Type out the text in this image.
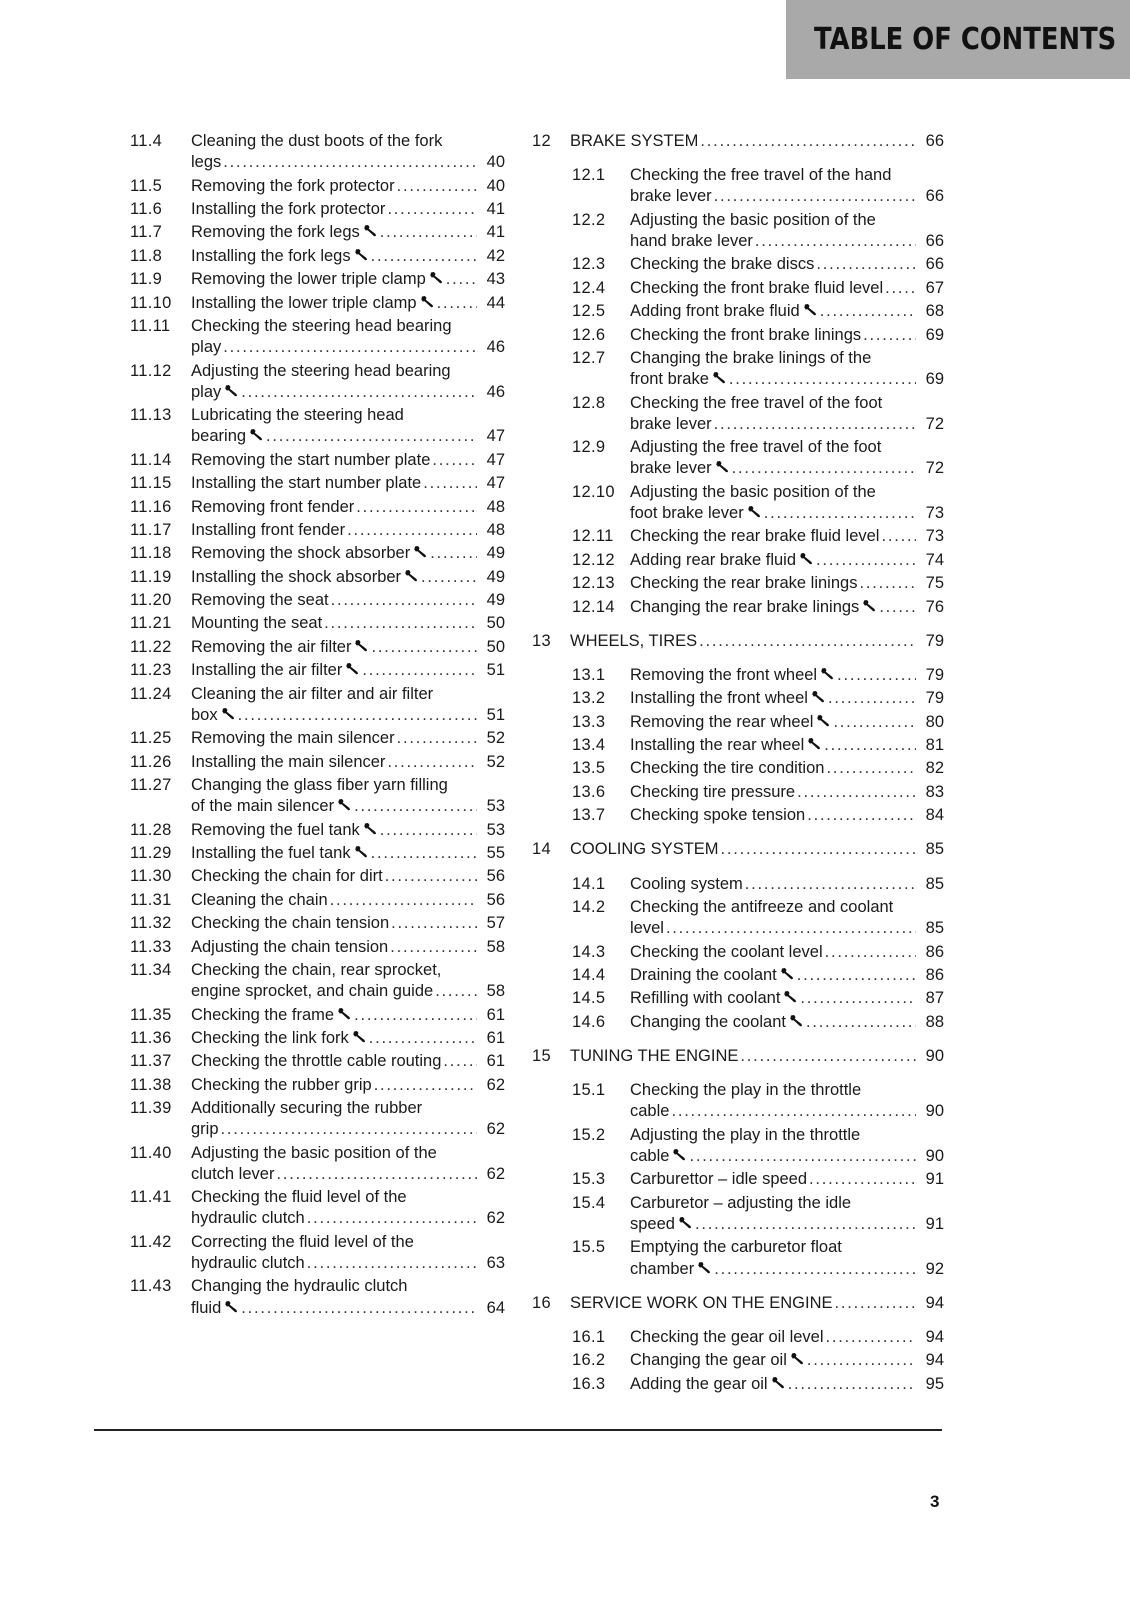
TABLE OF CONTENTS
11.4 Cleaning the dust boots of the fork
legs . . .	40
11.5 Removing the fork protector . . .	40
11.6 Installing the fork protector . . .	41
11.7 Removing the fork legs . . .	41
11.8 Installing the fork legs . . .	42
11.9 Removing the lower triple clamp . . .	43
11.10 Installing the lower triple clamp . . .	44
11.11 Checking the steering head bearing
play . . .	46
11.12 Adjusting the steering head bearing
play . . .	46
11.13 Lubricating the steering head
bearing . . .	47
11.14 Removing the start number plate . . .	47
11.15 Installing the start number plate . . .	47
11.16 Removing front fender . . .	48
11.17 Installing front fender . . .	48
11.18 Removing the shock absorber . . .	49
11.19 Installing the shock absorber . . .	49
11.20 Removing the seat . . .	49
11.21 Mounting the seat . . .	50
11.22 Removing the air filter . . .	50
11.23 Installing the air filter . . .	51
11.24 Cleaning the air filter and air filter
box . . .	51
11.25 Removing the main silencer . . .	52
11.26 Installing the main silencer . . .	52
11.27 Changing the glass fiber yarn filling
of the main silencer . . .	53
11.28 Removing the fuel tank . . .	53
11.29 Installing the fuel tank . . .	55
11.30 Checking the chain for dirt . . .	56
11.31 Cleaning the chain . . .	56
11.32 Checking the chain tension . . .	57
11.33 Adjusting the chain tension . . .	58
11.34 Checking the chain, rear sprocket,
engine sprocket, and chain guide . . .	58
11.35 Checking the frame . . .	61
11.36 Checking the link fork . . .	61
11.37 Checking the throttle cable routing . . .	61
11.38 Checking the rubber grip . . .	62
11.39 Additionally securing the rubber
grip . . .	62
11.40 Adjusting the basic position of the
clutch lever . . .	62
11.41 Checking the fluid level of the
hydraulic clutch . . .	62
11.42 Correcting the fluid level of the
hydraulic clutch . . .	63
11.43 Changing the hydraulic clutch
fluid . . .	64
12 BRAKE SYSTEM . . .	66
12.1 Checking the free travel of the hand
brake lever . . .	66
12.2 Adjusting the basic position of the
hand brake lever . . .	66
12.3 Checking the brake discs . . .	66
12.4 Checking the front brake fluid level . . .	67
12.5 Adding front brake fluid . . .	68
12.6 Checking the front brake linings . . .	69
12.7 Changing the brake linings of the
front brake . . .	69
12.8 Checking the free travel of the foot
brake lever . . .	72
12.9 Adjusting the free travel of the foot
brake lever . . .	72
12.10 Adjusting the basic position of the
foot brake lever . . .	73
12.11 Checking the rear brake fluid level . . .	73
12.12 Adding rear brake fluid . . .	74
12.13 Checking the rear brake linings . . .	75
12.14 Changing the rear brake linings . . .	76
13 WHEELS, TIRES . . .	79
13.1 Removing the front wheel . . .	79
13.2 Installing the front wheel . . .	79
13.3 Removing the rear wheel . . .	80
13.4 Installing the rear wheel . . .	81
13.5 Checking the tire condition . . .	82
13.6 Checking tire pressure . . .	83
13.7 Checking spoke tension . . .	84
14 COOLING SYSTEM . . .	85
14.1 Cooling system . . .	85
14.2 Checking the antifreeze and coolant
level . . .	85
14.3 Checking the coolant level . . .	86
14.4 Draining the coolant . . .	86
14.5 Refilling with coolant . . .	87
14.6 Changing the coolant . . .	88
15 TUNING THE ENGINE . . .	90
15.1 Checking the play in the throttle
cable . . .	90
15.2 Adjusting the play in the throttle
cable . . .	90
15.3 Carburettor – idle speed . . .	91
15.4 Carburetor – adjusting the idle
speed . . .	91
15.5 Emptying the carburetor float
chamber . . .	92
16 SERVICE WORK ON THE ENGINE . . .	94
16.1 Checking the gear oil level . . .	94
16.2 Changing the gear oil . . .	94
16.3 Adding the gear oil . . .	95
3
